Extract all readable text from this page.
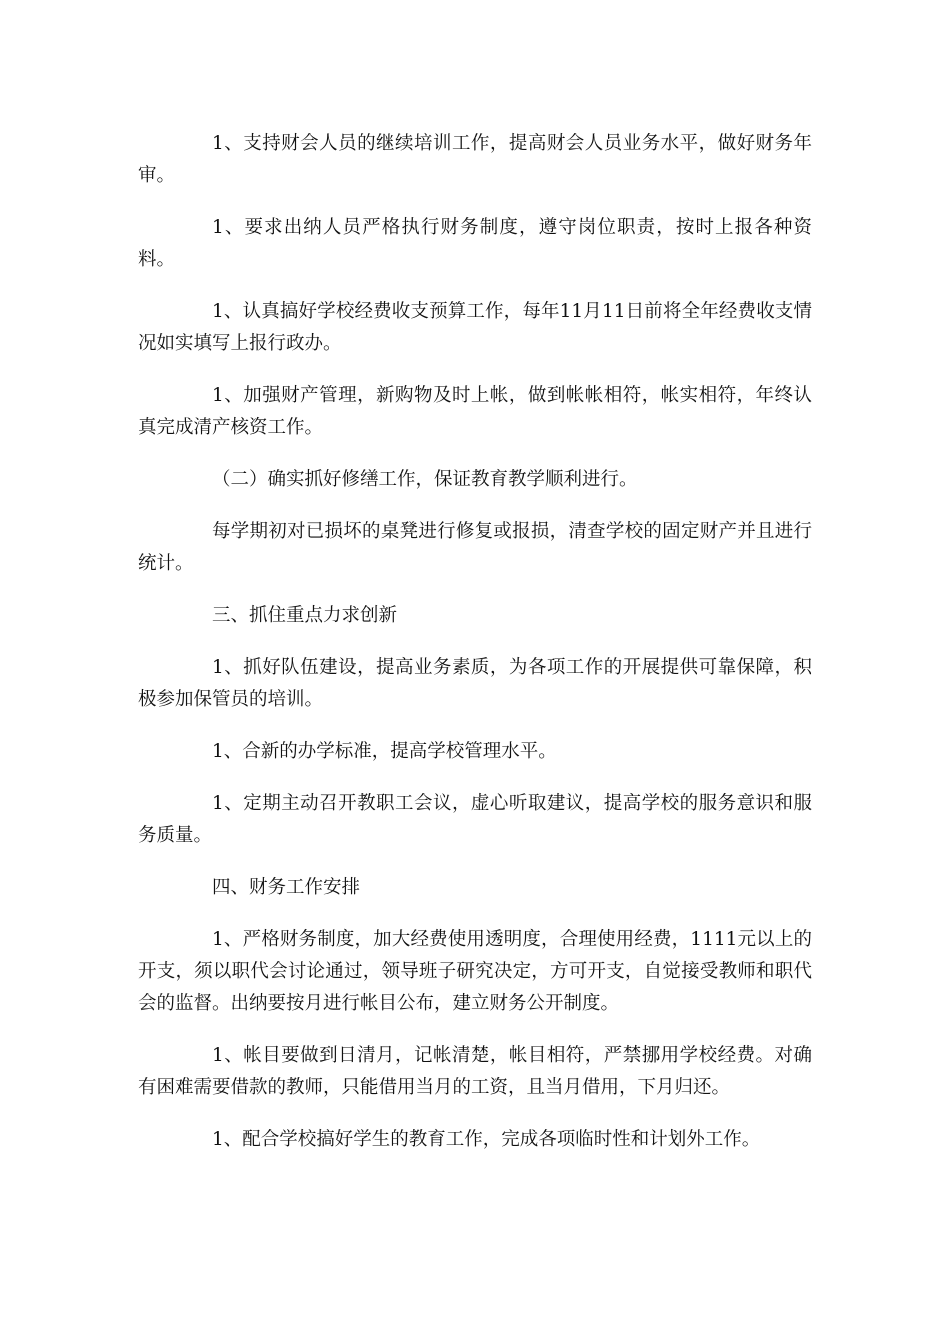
1、支持财会人员的继续培训工作，提高财会人员业务水平，做好财务年审。

1、要求出纳人员严格执行财务制度，遵守岗位职责，按时上报各种资料。

1、认真搞好学校经费收支预算工作，每年11月11日前将全年经费收支情况如实填写上报行政办。

1、加强财产管理，新购物及时上帐，做到帐帐相符，帐实相符，年终认真完成清产核资工作。

（二）确实抓好修缮工作，保证教育教学顺利进行。

每学期初对已损坏的桌凳进行修复或报损，清查学校的固定财产并且进行统计。

三、抓住重点力求创新

1、抓好队伍建设，提高业务素质，为各项工作的开展提供可靠保障，积极参加保管员的培训。

1、合新的办学标准，提高学校管理水平。

1、定期主动召开教职工会议，虚心听取建议，提高学校的服务意识和服务质量。

四、财务工作安排

1、严格财务制度，加大经费使用透明度，合理使用经费，1111元以上的开支，须以职代会讨论通过，领导班子研究决定，方可开支，自觉接受教师和职代会的监督。出纳要按月进行帐目公布，建立财务公开制度。

1、帐目要做到日清月，记帐清楚，帐目相符，严禁挪用学校经费。对确有困难需要借款的教师，只能借用当月的工资，且当月借用，下月归还。

1、配合学校搞好学生的教育工作，完成各项临时性和计划外工作。
